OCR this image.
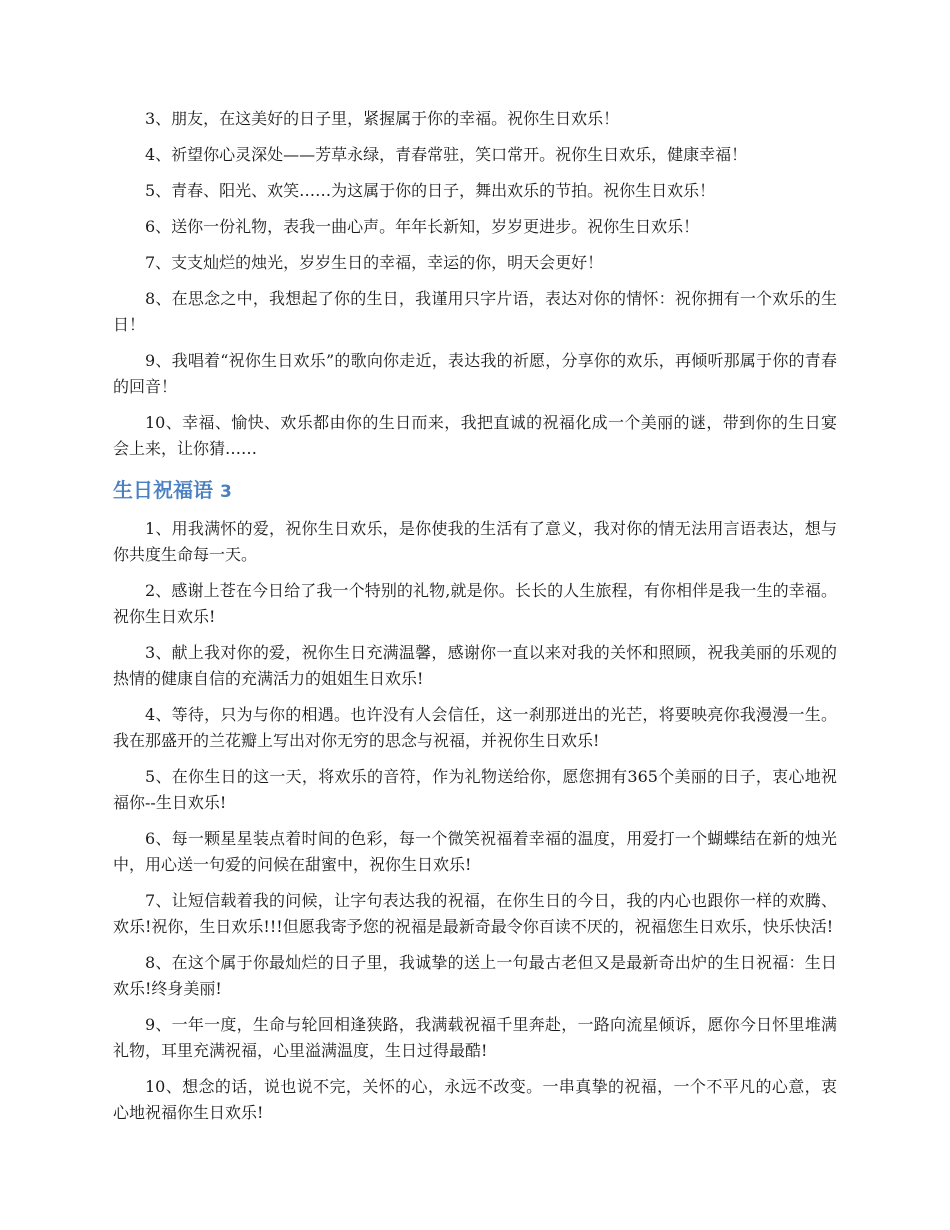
3、朋友，在这美好的日子里，紧握属于你的幸福。祝你生日欢乐！

4、祈望你心灵深处——芳草永绿，青春常驻，笑口常开。祝你生日欢乐，健康幸福！

5、青春、阳光、欢笑……为这属于你的日子，舞出欢乐的节拍。祝你生日欢乐！

6、送你一份礼物，表我一曲心声。年年长新知，岁岁更进步。祝你生日欢乐！

7、支支灿烂的烛光，岁岁生日的幸福，幸运的你，明天会更好！

8、在思念之中，我想起了你的生日，我谨用只字片语，表达对你的情怀：祝你拥有一个欢乐的生日！

9、我唱着“祝你生日欢乐”的歌向你走近，表达我的祈愿，分享你的欢乐，再倾听那属于你的青春的回音！

10、幸福、愉快、欢乐都由你的生日而来，我把直诚的祝福化成一个美丽的谜，带到你的生日宴会上来，让你猜……

生日祝福语 3

1、用我满怀的爱，祝你生日欢乐，是你使我的生活有了意义，我对你的情无法用言语表达，想与你共度生命每一天。

2、感谢上苍在今日给了我一个特别的礼物,就是你。长长的人生旅程，有你相伴是我一生的幸福。祝你生日欢乐!

3、献上我对你的爱，祝你生日充满温馨，感谢你一直以来对我的关怀和照顾，祝我美丽的乐观的热情的健康自信的充满活力的姐姐生日欢乐!

4、等待，只为与你的相遇。也许没有人会信任，这一刹那迸出的光芒，将要映亮你我漫漫一生。我在那盛开的兰花瓣上写出对你无穷的思念与祝福，并祝你生日欢乐!

5、在你生日的这一天，将欢乐的音符，作为礼物送给你，愿您拥有365个美丽的日子，衷心地祝福你--生日欢乐!

6、每一颗星星装点着时间的色彩，每一个微笑祝福着幸福的温度，用爱打一个蝴蝶结在新的烛光中，用心送一句爱的问候在甜蜜中，祝你生日欢乐!

7、让短信载着我的问候，让字句表达我的祝福，在你生日的今日，我的内心也跟你一样的欢腾、欢乐!祝你，生日欢乐!!!但愿我寄予您的祝福是最新奇最令你百读不厌的，祝福您生日欢乐，快乐快活!

8、在这个属于你最灿烂的日子里，我诚挚的送上一句最古老但又是最新奇出炉的生日祝福：生日欢乐!终身美丽!

9、一年一度，生命与轮回相逢狭路，我满载祝福千里奔赴，一路向流星倾诉，愿你今日怀里堆满礼物，耳里充满祝福，心里溢满温度，生日过得最酷!

10、想念的话，说也说不完，关怀的心，永远不改变。一串真挚的祝福，一个不平凡的心意，衷心地祝福你生日欢乐!
